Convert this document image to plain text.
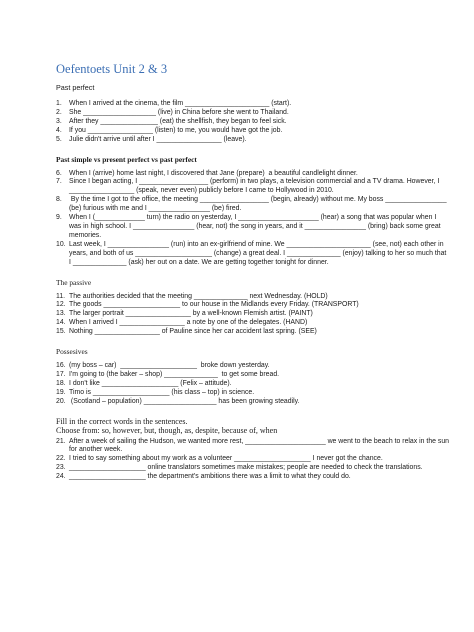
Oefentoets Unit 2 & 3
Past perfect
1.	When I arrived at the cinema, the film ______________________ (start).
2.	She ___________________ (live) in China before she went to Thailand.
3.	After they _______________ (eat) the shellfish, they began to feel sick.
4.	If you _________________ (listen) to me, you would have got the job.
5.	Julie didn't arrive until after I _________________ (leave).
Past simple vs present perfect vs past perfect
6.	When I (arrive) home last night, I discovered that Jane (prepare)  a beautiful candlelight dinner.
7.	Since I began acting, I __________________ (perform) in two plays, a television commercial and a TV drama. However, I _________________ (speak, never even) publicly before I came to Hollywood in 2010.
8.	By the time I got to the office, the meeting __________________ (begin, already) without me. My boss ________________ (be) furious with me and I ________________ (be) fired.
9.	When I (_____________ turn) the radio on yesterday, I _____________________ (hear) a song that was popular when I was in high school. I ________________ (hear, not) the song in years, and it ________________ (bring) back some great memories.
10. Last week, I ________________ (run) into an ex-girlfriend of mine. We ______________________ (see, not) each other in years, and both of us ____________________ (change) a great deal. I ______________ (enjoy) talking to her so much that I ______________ (ask) her out on a date. We are getting together tonight for dinner.
The passive
11. The authorities decided that the meeting ______________ next Wednesday. (HOLD)
12. The goods ____________________ to our house in the Midlands every Friday. (TRANSPORT)
13. The larger portrait _________________ by a well-known Flemish artist. (PAINT)
14. When I arrived I _________________ a note by one of the delegates. (HAND)
15. Nothing _________________ of Pauline since her car accident last spring. (SEE)
Possesives
16. (my boss – car)  ____________________  broke down yesterday.
17. I'm going to (the baker – shop) ______________  to get some bread.
18. I don't like ____________________ (Felix – attitude).
19. Timo is ____________________ (his class – top) in science.
20. (Scotland – population) ___________________ has been growing steadily.
Fill in the correct words in the sentences.
Choose from: so, however, but, though, as, despite, because of, when
21. After a week of sailing the Hudson, we wanted more rest, _____________________ we went to the beach to relax in the sun for another week.
22. I tried to say something about my work as a volunteer ____________________ I never got the chance.
23. ____________________ online translators sometimes make mistakes; people are needed to check the translations.
24. ____________________ the department's ambitions there was a limit to what they could do.
